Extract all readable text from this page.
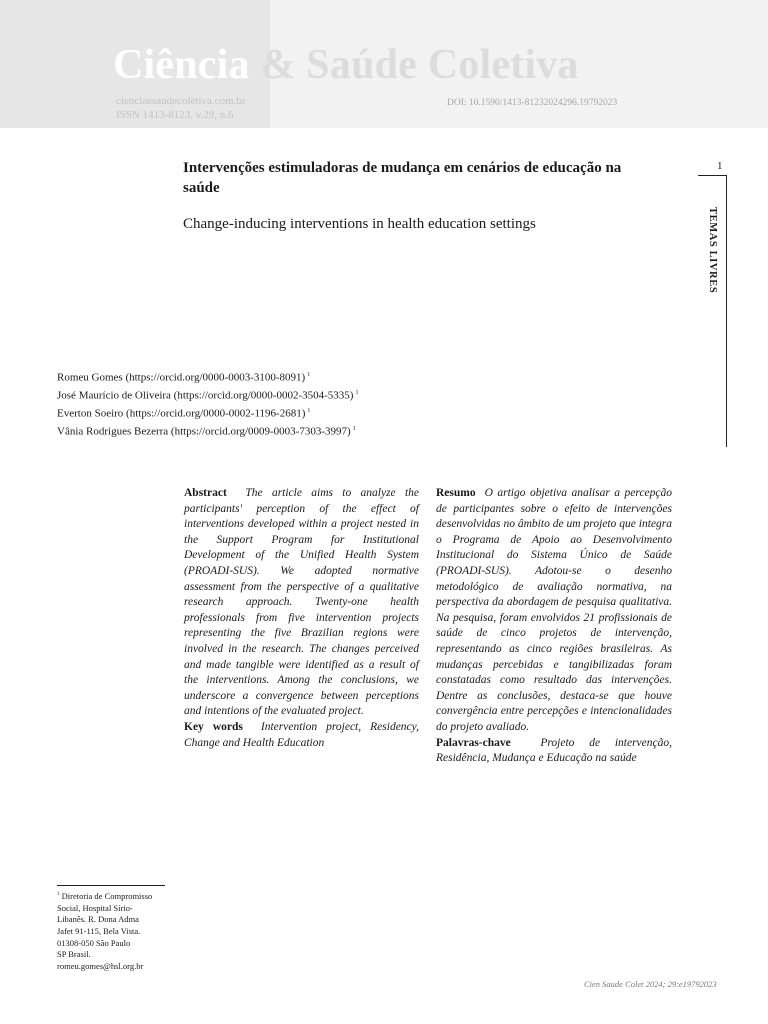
Ciência & Saúde Coletiva
cienciaesaudecoletiva.com.br
ISSN 1413-8123. v.29, n.6
DOI: 10.1590/1413-81232024296.19792023
1
TEMAS LIVRES
Intervenções estimuladoras de mudança em cenários de educação na saúde
Change-inducing interventions in health education settings
Romeu Gomes (https://orcid.org/0000-0003-3100-8091) $^1$
José Maurício de Oliveira (https://orcid.org/0000-0002-3504-5335) $^1$
Everton Soeiro (https://orcid.org/0000-0002-1196-2681) $^1$
Vânia Rodrigues Bezerra (https://orcid.org/0009-0003-7303-3997) $^1$

Abstract The article aims to analyze the participants' perception of the effect of interventions developed within a project nested in the Support Program for Institutional Development of the Unified Health System (PROADI-SUS). We adopted normative assessment from the perspective of a qualitative research approach. Twenty-one health professionals from five intervention projects representing the five Brazilian regions were involved in the research. The changes perceived and made tangible were identified as a result of the interventions. Among the conclusions, we underscore a convergence between perceptions and intentions of the evaluated project.

Key words Intervention project, Residency, Change and Health Education

Resumo O artigo objetiva analisar a percepção de participantes sobre o efeito de intervenções desenvolvidas no âmbito de um projeto que integra o Programa de Apoio ao Desenvolvimento Institucional do Sistema Único de Saúde (PROADI-SUS). Adotou-se o desenho metodológico de avaliação normativa, na perspectiva da abordagem de pesquisa qualitativa. Na pesquisa, foram envolvidos 21 profissionais de saúde de cinco projetos de intervenção, representando as cinco regiões brasileiras. As mudanças percebidas e tangibilizadas foram constatadas como resultado das intervenções. Dentre as conclusões, destaca-se que houve convergência entre percepções e intencionalidades do projeto avaliado.

Palavras-chave	Projeto de intervenção, Residência, Mudança e Educação na saúde

$^1$ Diretoria de Compromisso
Social, Hospital Sírio-
Libanês. R. Dona Adma
Jafet 91-115, Bela Vista.
01308-050 São Paulo
SP Brasil.
romeu.gomes@hsl.org.br
Cien Saude Colet 2024; 29:e19792023
